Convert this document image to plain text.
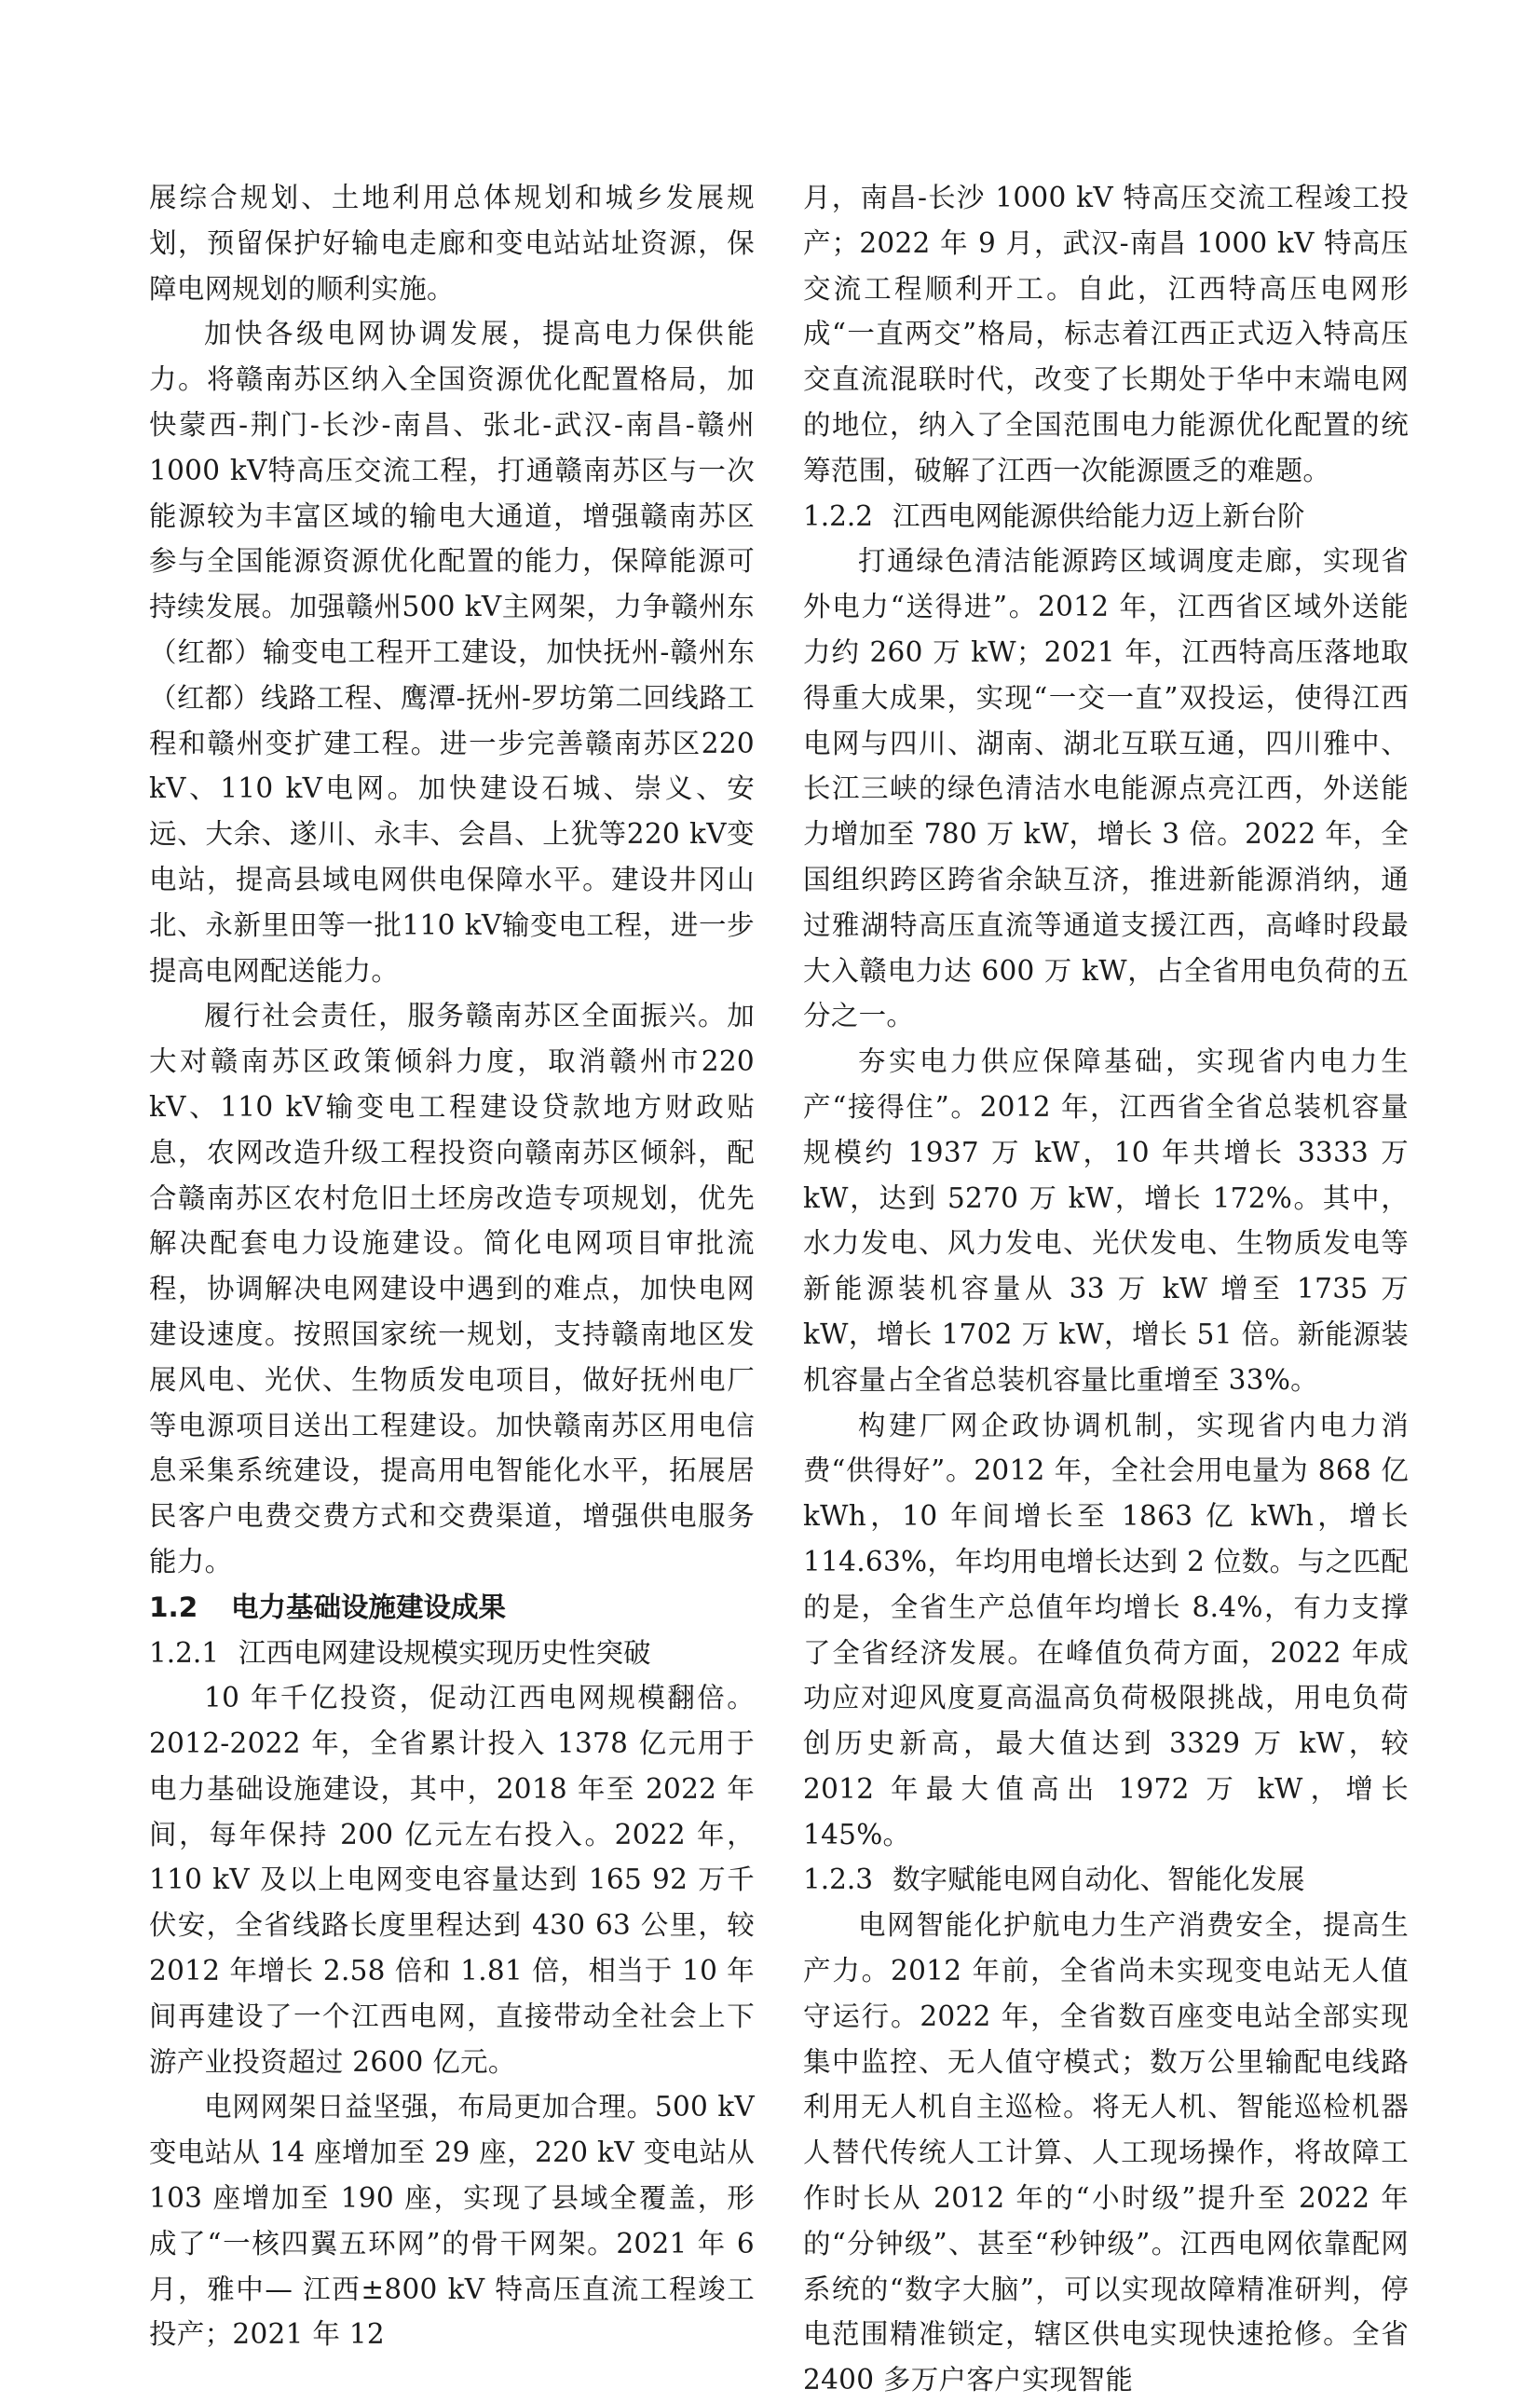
展综合规划、土地利用总体规划和城乡发展规划，预留保护好输电走廊和变电站站址资源，保障电网规划的顺利实施。

加快各级电网协调发展，提高电力保供能力。将赣南苏区纳入全国资源优化配置格局，加快蒙西-荆门-长沙-南昌、张北-武汉-南昌-赣州1000 kV特高压交流工程，打通赣南苏区与一次能源较为丰富区域的输电大通道，增强赣南苏区参与全国能源资源优化配置的能力，保障能源可持续发展。加强赣州500 kV主网架，力争赣州东（红都）输变电工程开工建设，加快抚州-赣州东（红都）线路工程、鹰潭-抚州-罗坊第二回线路工程和赣州变扩建工程。进一步完善赣南苏区220 kV、110 kV电网。加快建设石城、崇义、安远、大余、遂川、永丰、会昌、上犹等220 kV变电站，提高县域电网供电保障水平。建设井冈山北、永新里田等一批110 kV输变电工程，进一步提高电网配送能力。

履行社会责任，服务赣南苏区全面振兴。加大对赣南苏区政策倾斜力度，取消赣州市220 kV、110 kV输变电工程建设贷款地方财政贴息，农网改造升级工程投资向赣南苏区倾斜，配合赣南苏区农村危旧土坯房改造专项规划，优先解决配套电力设施建设。简化电网项目审批流程，协调解决电网建设中遇到的难点，加快电网建设速度。按照国家统一规划，支持赣南地区发展风电、光伏、生物质发电项目，做好抚州电厂等电源项目送出工程建设。加快赣南苏区用电信息采集系统建设，提高用电智能化水平，拓展居民客户电费交费方式和交费渠道，增强供电服务能力。

1.2 电力基础设施建设成果
1.2.1 江西电网建设规模实现历史性突破

10 年千亿投资，促动江西电网规模翻倍。2012-2022 年，全省累计投入 1378 亿元用于电力基础设施建设，其中，2018 年至 2022 年间，每年保持 200 亿元左右投入。2022 年，110 kV 及以上电网变电容量达到 165 92 万千伏安，全省线路长度里程达到 430 63 公里，较 2012 年增长 2.58 倍和 1.81 倍，相当于 10 年间再建设了一个江西电网，直接带动全社会上下游产业投资超过 2600 亿元。

电网网架日益坚强，布局更加合理。500 kV 变电站从 14 座增加至 29 座，220 kV 变电站从 103 座增加至 190 座，实现了县域全覆盖，形成了“一核四翼五环网”的骨干网架。2021 年 6 月，雅中— 江西±800 kV 特高压直流工程竣工投产；2021 年 12

月，南昌-长沙 1000 kV 特高压交流工程竣工投产；2022 年 9 月，武汉-南昌 1000 kV 特高压交流工程顺利开工。自此，江西特高压电网形成“一直两交”格局，标志着江西正式迈入特高压交直流混联时代，改变了长期处于华中末端电网的地位，纳入了全国范围电力能源优化配置的统筹范围，破解了江西一次能源匮乏的难题。

1.2.2 江西电网能源供给能力迈上新台阶

打通绿色清洁能源跨区域调度走廊，实现省外电力“送得进”。2012 年，江西省区域外送能力约 260 万 kW；2021 年，江西特高压落地取得重大成果，实现“一交一直”双投运，使得江西电网与四川、湖南、湖北互联互通，四川雅中、长江三峡的绿色清洁水电能源点亮江西，外送能力增加至 780 万 kW，增长 3 倍。2022 年，全国组织跨区跨省余缺互济，推进新能源消纳，通过雅湖特高压直流等通道支援江西，高峰时段最大入赣电力达 600 万 kW，占全省用电负荷的五分之一。

夯实电力供应保障基础，实现省内电力生产“接得住”。2012 年，江西省全省总装机容量规模约 1937 万 kW，10 年共增长 3333 万 kW，达到 5270 万 kW，增长 172%。其中，水力发电、风力发电、光伏发电、生物质发电等新能源装机容量从 33 万 kW 增至 1735 万 kW，增长 1702 万 kW，增长 51 倍。新能源装机容量占全省总装机容量比重增至 33%。

构建厂网企政协调机制，实现省内电力消费“供得好”。2012 年，全社会用电量为 868 亿 kWh，10 年间增长至 1863 亿 kWh，增长 114.63%，年均用电增长达到 2 位数。与之匹配的是，全省生产总值年均增长 8.4%，有力支撑了全省经济发展。在峰值负荷方面，2022 年成功应对迎风度夏高温高负荷极限挑战，用电负荷创历史新高，最大值达到 3329 万 kW，较 2012 年最大值高出 1972 万 kW，增长 145%。

1.2.3 数字赋能电网自动化、智能化发展

电网智能化护航电力生产消费安全，提高生产力。2012 年前，全省尚未实现变电站无人值守运行。2022 年，全省数百座变电站全部实现集中监控、无人值守模式；数万公里输配电线路利用无人机自主巡检。将无人机、智能巡检机器人替代传统人工计算、人工现场操作，将故障工作时长从 2012 年的“小时级”提升至 2022 年的“分钟级”、甚至“秒钟级”。江西电网依靠配网系统的“数字大脑”，可以实现故障精准研判，停电范围精准锁定，辖区供电实现快速抢修。全省 2400 多万户客户实现智能
